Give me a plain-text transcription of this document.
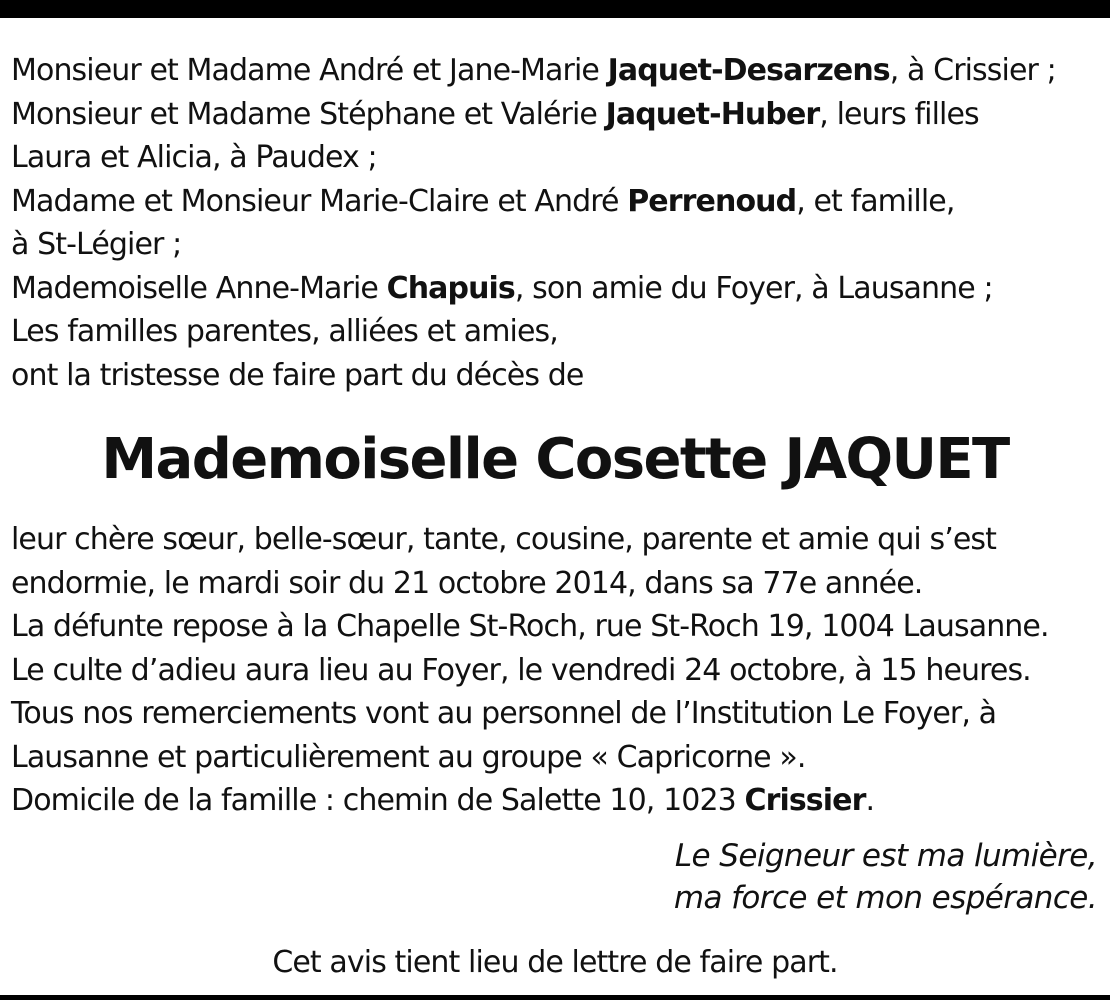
Monsieur et Madame André et Jane-Marie Jaquet-Desarzens, à Crissier ;
Monsieur et Madame Stéphane et Valérie Jaquet-Huber, leurs filles
Laura et Alicia, à Paudex ;
Madame et Monsieur Marie-Claire et André Perrenoud, et famille,
à St-Légier ;
Mademoiselle Anne-Marie Chapuis, son amie du Foyer, à Lausanne ;
Les familles parentes, alliées et amies,
ont la tristesse de faire part du décès de
Mademoiselle Cosette JAQUET
leur chère sœur, belle-sœur, tante, cousine, parente et amie qui s’est
endormie, le mardi soir du 21 octobre 2014, dans sa 77e année.
La défunte repose à la Chapelle St-Roch, rue St-Roch 19, 1004 Lausanne.
Le culte d’adieu aura lieu au Foyer, le vendredi 24 octobre, à 15 heures.
Tous nos remerciements vont au personnel de l’Institution Le Foyer, à
Lausanne et particulièrement au groupe « Capricorne ».
Domicile de la famille : chemin de Salette 10, 1023 Crissier.
Le Seigneur est ma lumière,
ma force et mon espérance.
Cet avis tient lieu de lettre de faire part.
